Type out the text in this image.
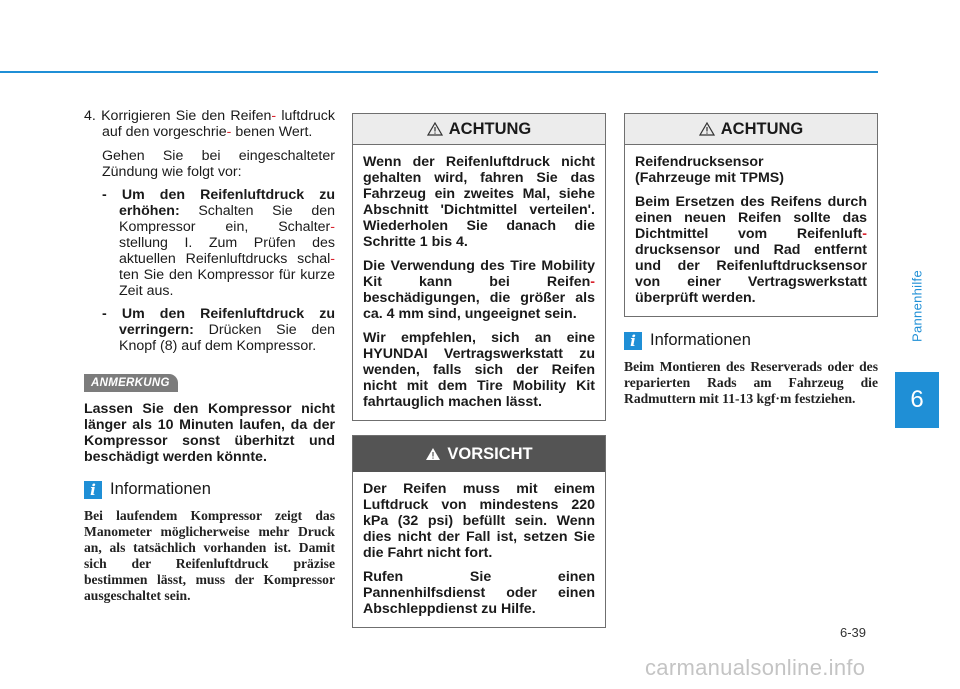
4. Korrigieren Sie den Reifen- luftdruck auf den vorgeschrie- benen Wert.

Gehen Sie bei eingeschalteter Zündung wie folgt vor:

- Um den Reifenluftdruck zu erhöhen: Schalten Sie den Kompressor ein, Schalter- stellung I. Zum Prüfen des aktuellen Reifenluftdrucks schal- ten Sie den Kompressor für kurze Zeit aus.

- Um den Reifenluftdruck zu verringern: Drücken Sie den Knopf (8) auf dem Kompressor.

ANMERKUNG

Lassen Sie den Kompressor nicht länger als 10 Minuten laufen, da der Kompressor sonst überhitzt und beschädigt werden könnte.

i Informationen

Bei laufendem Kompressor zeigt das Manometer möglicherweise mehr Druck an, als tatsächlich vorhanden ist. Damit sich der Reifenluftdruck präzise bestimmen lässt, muss der Kompressor ausgeschaltet sein.

ACHTUNG

Wenn der Reifenluftdruck nicht gehalten wird, fahren Sie das Fahrzeug ein zweites Mal, siehe Abschnitt 'Dichtmittel verteilen'. Wiederholen Sie danach die Schritte 1 bis 4.

Die Verwendung des Tire Mobility Kit kann bei Reifen- beschädigungen, die größer als ca. 4 mm sind, ungeeignet sein.

Wir empfehlen, sich an eine HYUNDAI Vertragswerkstatt zu wenden, falls sich der Reifen nicht mit dem Tire Mobility Kit fahrtauglich machen lässt.

VORSICHT

Der Reifen muss mit einem Luftdruck von mindestens 220 kPa (32 psi) befüllt sein. Wenn dies nicht der Fall ist, setzen Sie die Fahrt nicht fort.

Rufen Sie einen Pannenhilfsdienst oder einen Abschleppdienst zu Hilfe.

ACHTUNG

Reifendrucksensor
(Fahrzeuge mit TPMS)

Beim Ersetzen des Reifens durch einen neuen Reifen sollte das Dichtmittel vom Reifenluft- drucksensor und Rad entfernt und der Reifenluftdrucksensor von einer Vertragswerkstatt überprüft werden.

i Informationen

Beim Montieren des Reserverads oder des reparierten Rads am Fahrzeug die Radmuttern mit 11-13 kgf·m festziehen.

Pannenhilfe
6
6-39
carmanualsonline.info
